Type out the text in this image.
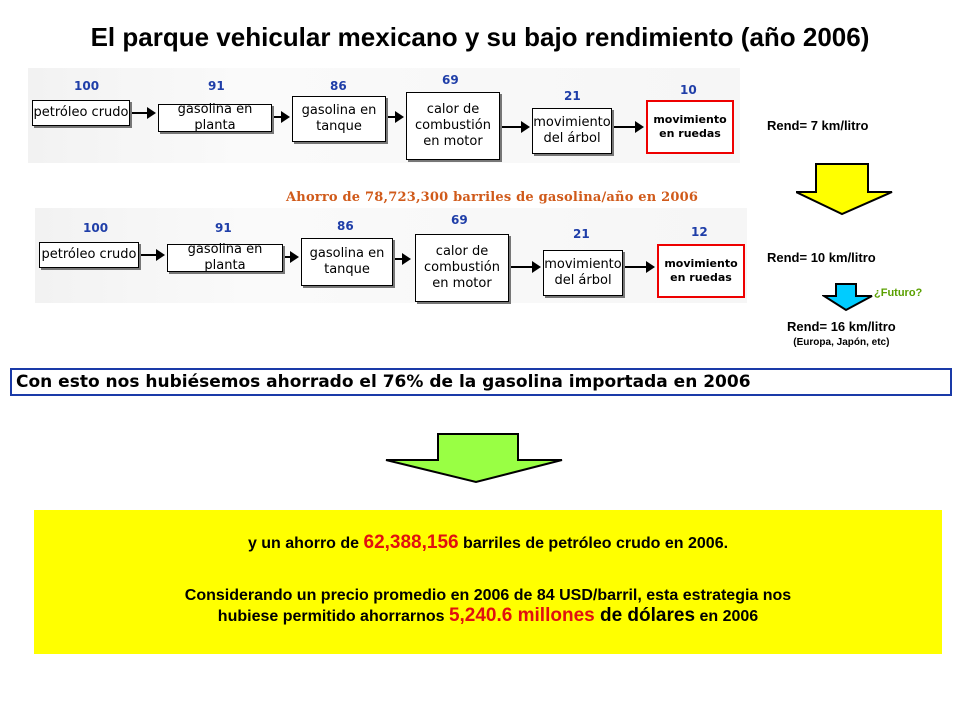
El parque vehicular mexicano y su bajo rendimiento (año 2006)
100
petróleo crudo
91
gasolina en planta
86
gasolina en tanque
69
calor de combustión en motor
21
movimiento del árbol
10
movimiento en ruedas
Rend= 7 km/litro
Ahorro de 78,723,300 barriles de gasolina/año en 2006
100
petróleo crudo
91
gasolina en planta
86
gasolina en tanque
69
calor de combustión en motor
21
movimiento del árbol
12
movimiento en ruedas
Rend= 10 km/litro
¿Futuro?
Rend= 16 km/litro
(Europa, Japón, etc)
Con esto nos hubiésemos ahorrado el 76% de la gasolina importada en 2006
y un ahorro de 62,388,156 barriles de petróleo crudo en 2006.
Considerando un precio promedio en 2006 de 84 USD/barril, esta estrategia nos
hubiese permitido ahorrarnos 5,240.6 millones de dólares en 2006
